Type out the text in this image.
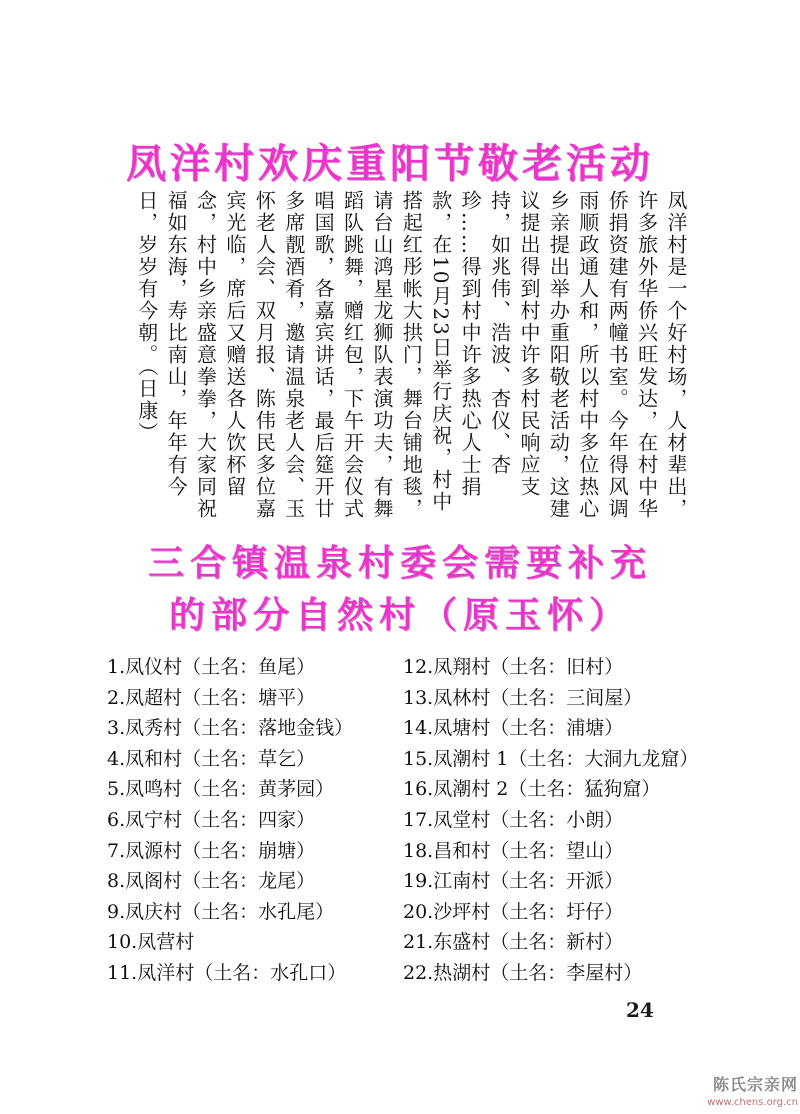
凤洋村欢庆重阳节敬老活动

凤洋村是一个好村场，人材辈出，许多旅外华侨兴旺发达，在村中华侨捐资建有两幢书室。今年得风调雨顺政通人和，所以村中多位热心乡亲提出举办重阳敬老活动，这建议提出得到村中许多村民响应支持，如兆伟、浩波、杏仪、杏珍……得到村中许多热心人士捐款，在10月23日举行庆祝，村中搭起红彤帐大拱门，舞台铺地毯，请台山鸿星龙狮队表演功夫，有舞蹈队跳舞，赠红包，下午开会仪式唱国歌，各嘉宾讲话，最后筵开廿多席靓酒肴，邀请温泉老人会、玉怀老人会、双月报、陈伟民多位嘉宾光临，席后又赠送各人饮杯留念，村中乡亲盛意拳拳，大家同祝福如东海，寿比南山，年年有今日，岁岁有今朝。（日康）

三合镇温泉村委会需要补充
的部分自然村（原玉怀）
1.凤仪村（土名：鱼尾）
2.凤超村（土名：塘平）
3.凤秀村（土名：落地金钱）
4.凤和村（土名：草乞）
5.凤鸣村（土名：黄茅园）
6.凤宁村（土名：四家）
7.凤源村（土名：崩塘）
8.凤阁村（土名：龙尾）
9.凤庆村（土名：水孔尾）
10.凤营村
11.凤洋村（土名：水孔口）
12.凤翔村（土名：旧村）
13.凤林村（土名：三间屋）
14.凤塘村（土名：浦塘）
15.凤潮村 1（土名：大洞九龙窟）
16.凤潮村 2（土名：猛狗窟）
17.凤堂村（土名：小朗）
18.昌和村（土名：望山）
19.江南村（土名：开派）
20.沙坪村（土名：圩仔）
21.东盛村（土名：新村）
22.热湖村（土名：李屋村）
24
陈氏宗亲网
www.chens.org.cn
